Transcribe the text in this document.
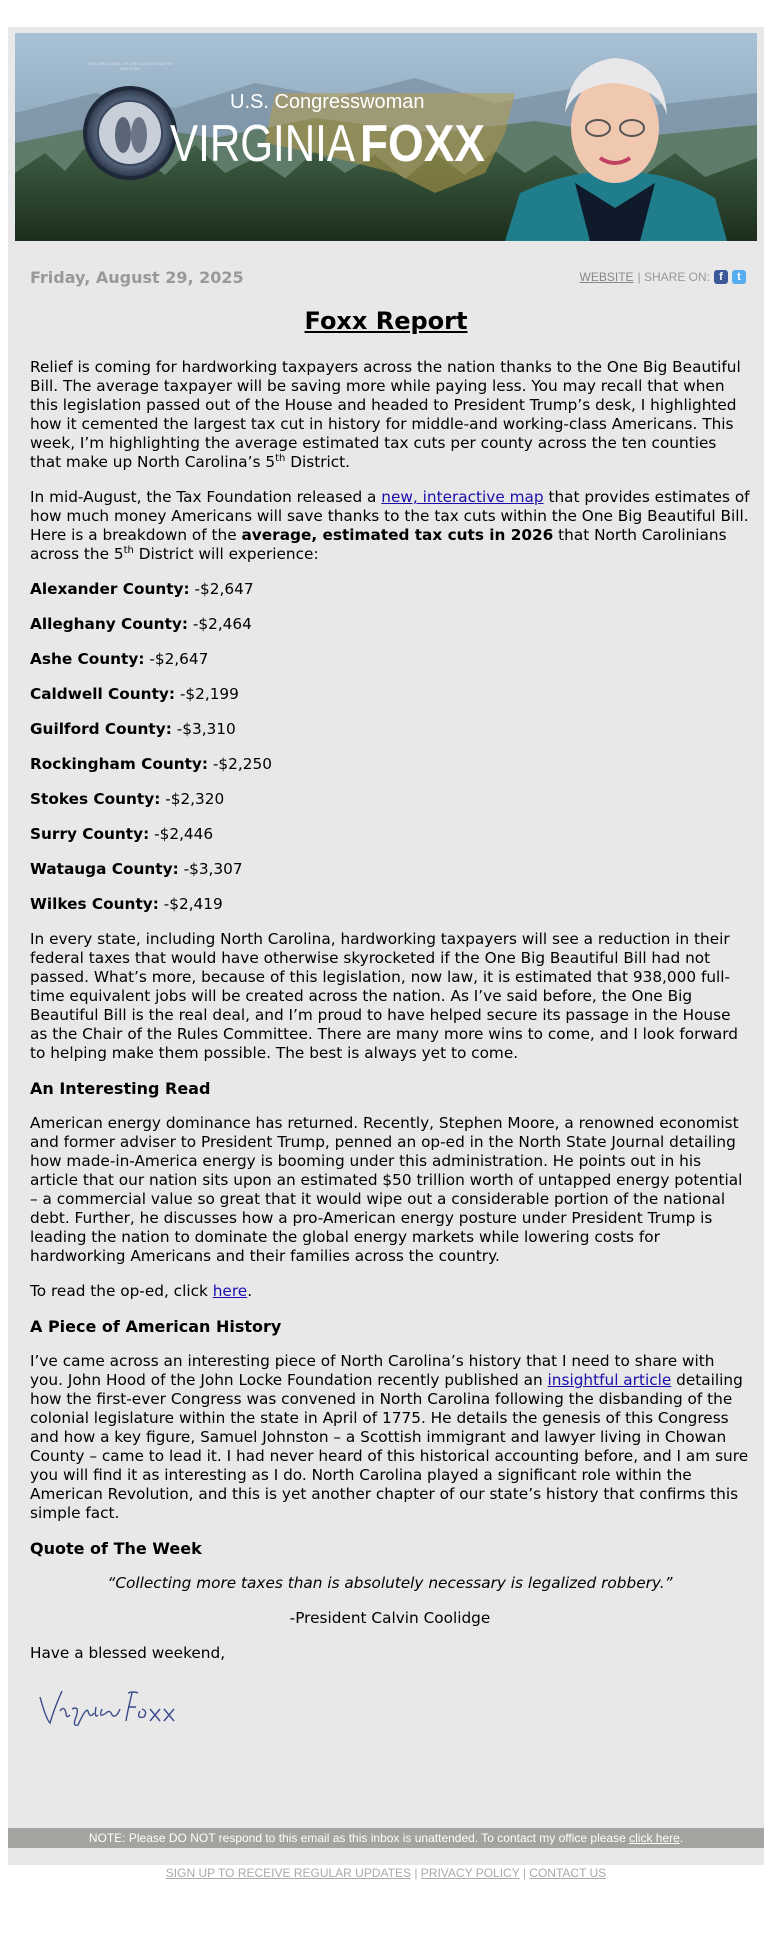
U.S. Congresswoman
VIRGINIA FOXX
THE GREAT SEAL OF THE STATE OF NORTH CAROLINA
Friday, August 29, 2025	WEBSITE | SHARE ON: f	t
Foxx Report

Relief is coming for hardworking taxpayers across the nation thanks to the One Big Beautiful Bill. The average taxpayer will be saving more while paying less. You may recall that when this legislation passed out of the House and headed to President Trump’s desk, I highlighted how it cemented the largest tax cut in history for middle-and working-class Americans. This week, I’m highlighting the average estimated tax cuts per county across the ten counties that make up North Carolina’s 5th District.

In mid-August, the Tax Foundation released a new, interactive map that provides estimates of how much money Americans will save thanks to the tax cuts within the One Big Beautiful Bill. Here is a breakdown of the average, estimated tax cuts in 2026 that North Carolinians across the 5th District will experience:

Alexander County: -$2,647
Alleghany County: -$2,464
Ashe County: -$2,647
Caldwell County: -$2,199
Guilford County: -$3,310
Rockingham County: -$2,250
Stokes County: -$2,320
Surry County: -$2,446
Watauga County: -$3,307
Wilkes County: -$2,419

In every state, including North Carolina, hardworking taxpayers will see a reduction in their federal taxes that would have otherwise skyrocketed if the One Big Beautiful Bill had not passed. What’s more, because of this legislation, now law, it is estimated that 938,000 full-time equivalent jobs will be created across the nation. As I’ve said before, the One Big Beautiful Bill is the real deal, and I’m proud to have helped secure its passage in the House as the Chair of the Rules Committee. There are many more wins to come, and I look forward to helping make them possible. The best is always yet to come.

An Interesting Read

American energy dominance has returned. Recently, Stephen Moore, a renowned economist and former adviser to President Trump, penned an op-ed in the North State Journal detailing how made-in-America energy is booming under this administration. He points out in his article that our nation sits upon an estimated $50 trillion worth of untapped energy potential – a commercial value so great that it would wipe out a considerable portion of the national debt. Further, he discusses how a pro-American energy posture under President Trump is leading the nation to dominate the global energy markets while lowering costs for hardworking Americans and their families across the country.

To read the op-ed, click here.

A Piece of American History

I’ve came across an interesting piece of North Carolina’s history that I need to share with you. John Hood of the John Locke Foundation recently published an insightful article detailing how the first-ever Congress was convened in North Carolina following the disbanding of the colonial legislature within the state in April of 1775. He details the genesis of this Congress and how a key figure, Samuel Johnston – a Scottish immigrant and lawyer living in Chowan County – came to lead it. I had never heard of this historical accounting before, and I am sure you will find it as interesting as I do. North Carolina played a significant role within the American Revolution, and this is yet another chapter of our state’s history that confirms this simple fact.

Quote of The Week

“Collecting more taxes than is absolutely necessary is legalized robbery.”

-President Calvin Coolidge

Have a blessed weekend,

NOTE: Please DO NOT respond to this email as this inbox is unattended. To contact my office please click here.
SIGN UP TO RECEIVE REGULAR UPDATES | PRIVACY POLICY | CONTACT US
